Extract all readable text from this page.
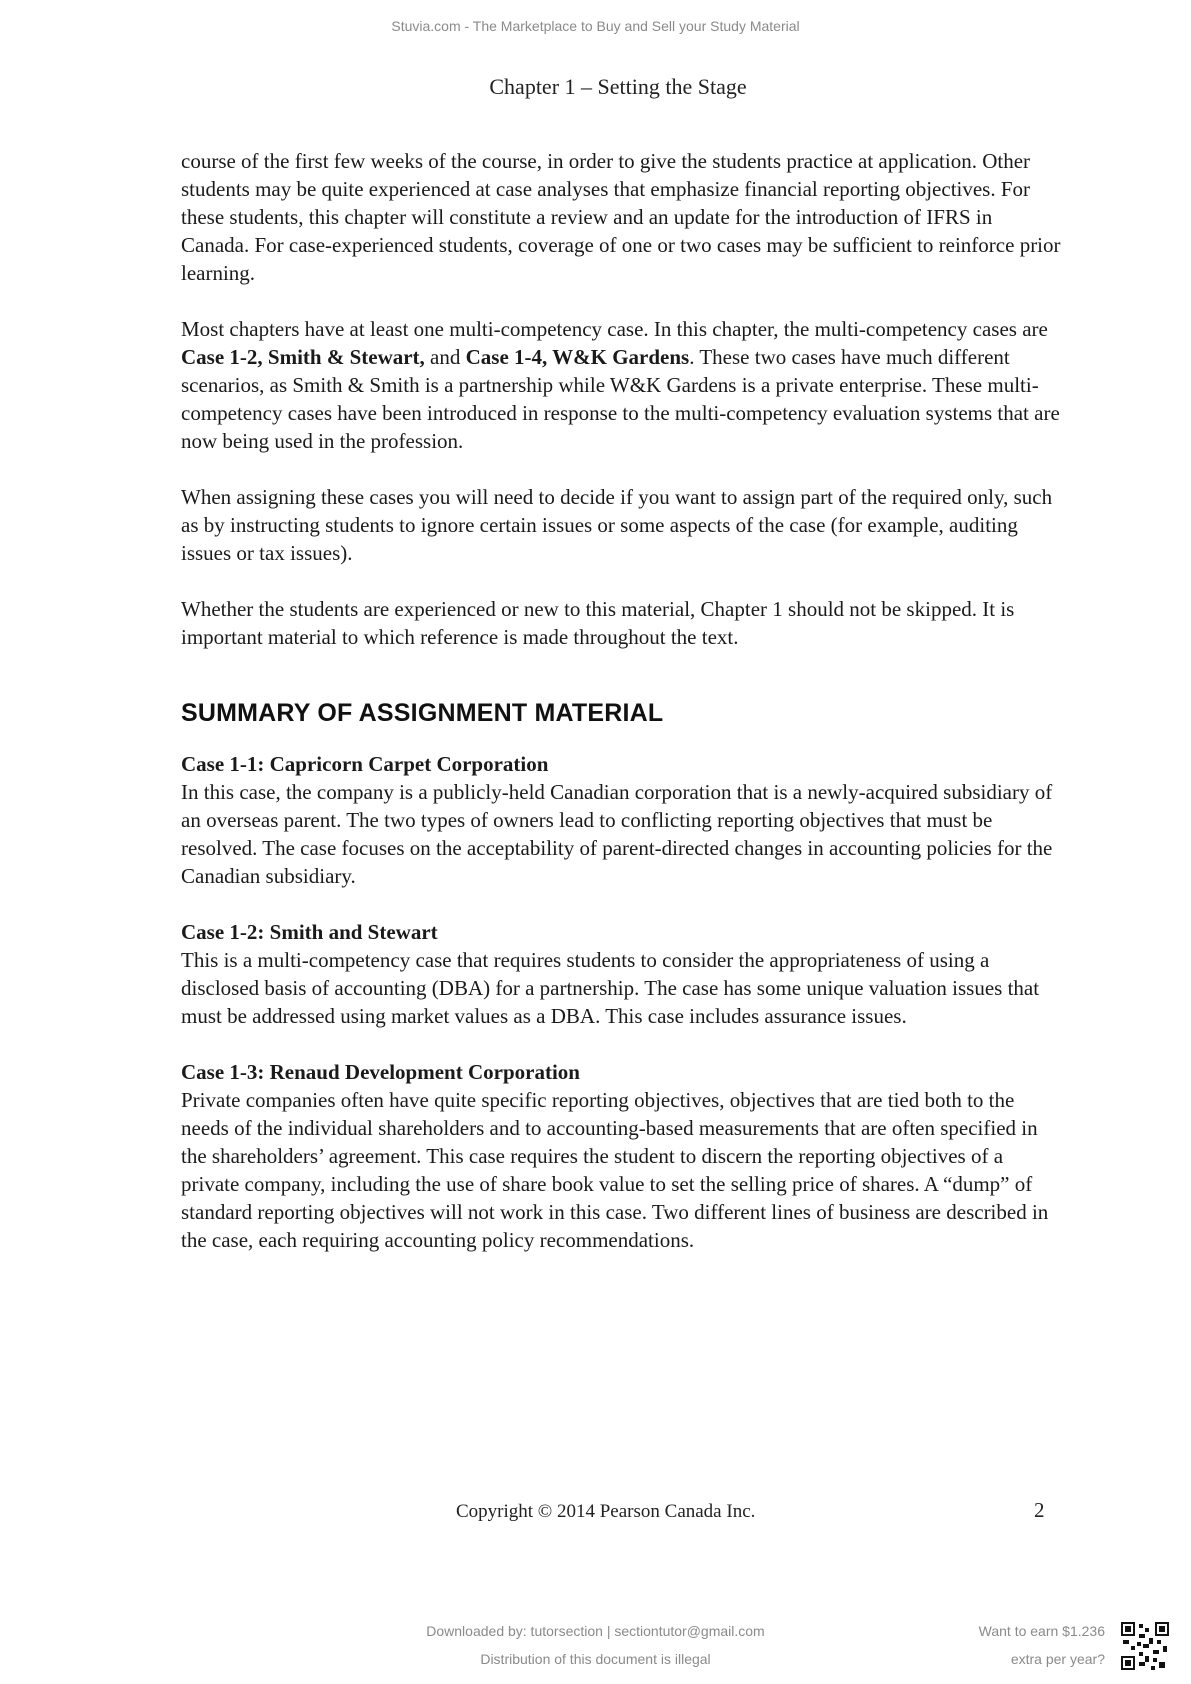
Stuvia.com - The Marketplace to Buy and Sell your Study Material
Chapter 1 – Setting the Stage

course of the first few weeks of the course, in order to give the students practice at application. Other students may be quite experienced at case analyses that emphasize financial reporting objectives. For these students, this chapter will constitute a review and an update for the introduction of IFRS in Canada. For case-experienced students, coverage of one or two cases may be sufficient to reinforce prior learning.

Most chapters have at least one multi-competency case. In this chapter, the multi-competency cases are Case 1-2, Smith & Stewart, and Case 1-4, W&K Gardens. These two cases have much different scenarios, as Smith & Smith is a partnership while W&K Gardens is a private enterprise. These multi-competency cases have been introduced in response to the multi-competency evaluation systems that are now being used in the profession.

When assigning these cases you will need to decide if you want to assign part of the required only, such as by instructing students to ignore certain issues or some aspects of the case (for example, auditing issues or tax issues).

Whether the students are experienced or new to this material, Chapter 1 should not be skipped. It is important material to which reference is made throughout the text.

SUMMARY OF ASSIGNMENT MATERIAL
Case 1-1: Capricorn Carpet Corporation
In this case, the company is a publicly-held Canadian corporation that is a newly-acquired subsidiary of an overseas parent. The two types of owners lead to conflicting reporting objectives that must be resolved. The case focuses on the acceptability of parent-directed changes in accounting policies for the Canadian subsidiary.
Case 1-2: Smith and Stewart
This is a multi-competency case that requires students to consider the appropriateness of using a disclosed basis of accounting (DBA) for a partnership. The case has some unique valuation issues that must be addressed using market values as a DBA. This case includes assurance issues.
Case 1-3: Renaud Development Corporation
Private companies often have quite specific reporting objectives, objectives that are tied both to the needs of the individual shareholders and to accounting-based measurements that are often specified in the shareholders’ agreement. This case requires the student to discern the reporting objectives of a private company, including the use of share book value to set the selling price of shares. A “dump” of standard reporting objectives will not work in this case. Two different lines of business are described in the case, each requiring accounting policy recommendations.
Copyright © 2014 Pearson Canada Inc.	2
Downloaded by: tutorsection | sectiontutor@gmail.com
Distribution of this document is illegal
Want to earn $1.236
extra per year?
